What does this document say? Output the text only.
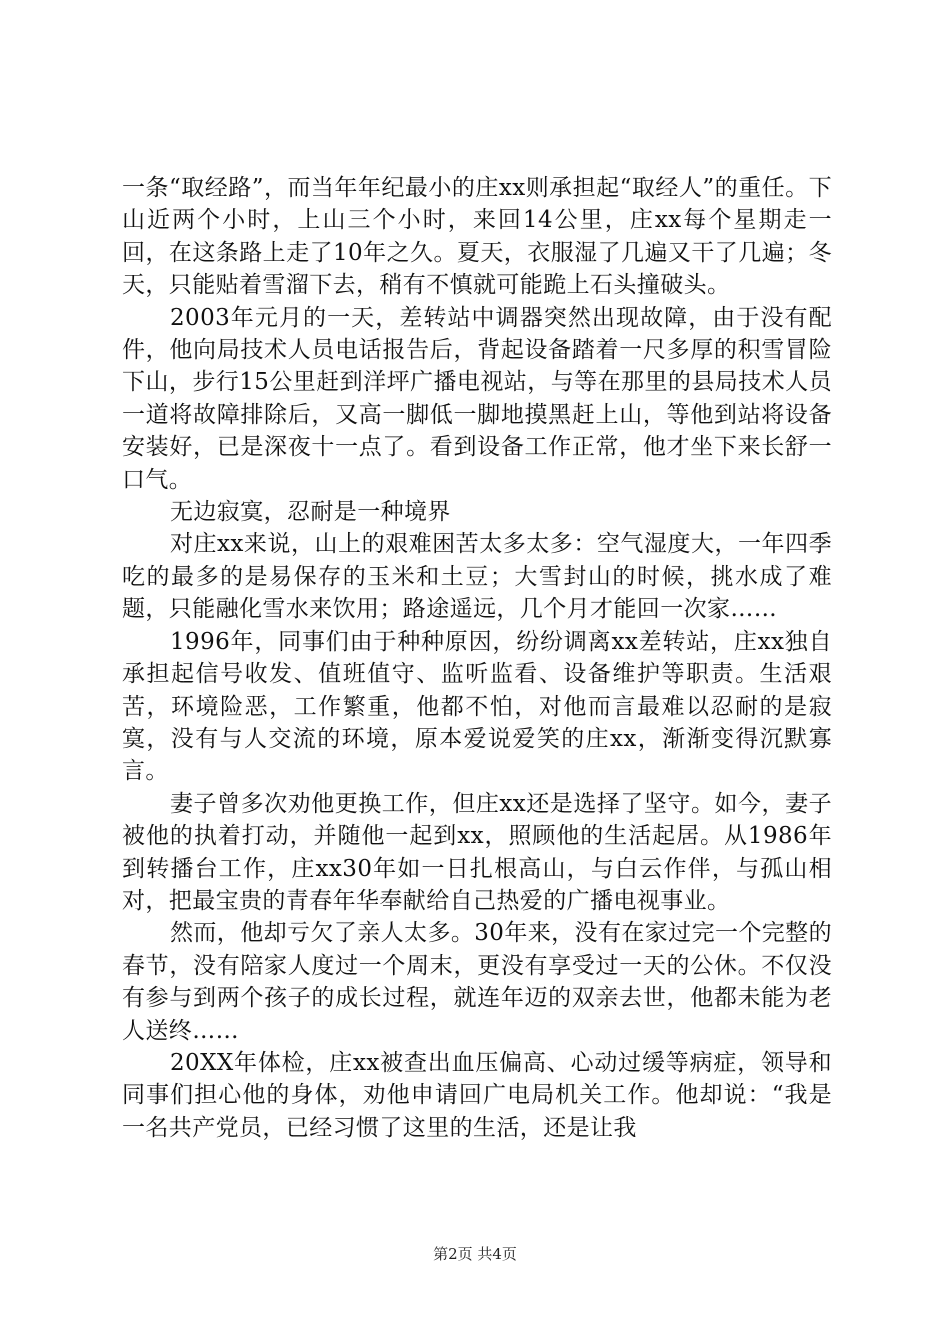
一条“取经路”，而当年年纪最小的庄xx则承担起“取经人”的重任。下山近两个小时，上山三个小时，来回14公里，庄xx每个星期走一回，在这条路上走了10年之久。夏天，衣服湿了几遍又干了几遍；冬天，只能贴着雪溜下去，稍有不慎就可能跪上石头撞破头。

2003年元月的一天，差转站中调器突然出现故障，由于没有配件，他向局技术人员电话报告后，背起设备踏着一尺多厚的积雪冒险下山，步行15公里赶到洋坪广播电视站，与等在那里的县局技术人员一道将故障排除后，又高一脚低一脚地摸黑赶上山，等他到站将设备安装好，已是深夜十一点了。看到设备工作正常，他才坐下来长舒一口气。

无边寂寞，忍耐是一种境界

对庄xx来说，山上的艰难困苦太多太多：空气湿度大，一年四季吃的最多的是易保存的玉米和土豆；大雪封山的时候，挑水成了难题，只能融化雪水来饮用；路途遥远，几个月才能回一次家……

1996年，同事们由于种种原因，纷纷调离xx差转站，庄xx独自承担起信号收发、值班值守、监听监看、设备维护等职责。生活艰苦，环境险恶，工作繁重，他都不怕，对他而言最难以忍耐的是寂寞，没有与人交流的环境，原本爱说爱笑的庄xx，渐渐变得沉默寡言。

妻子曾多次劝他更换工作，但庄xx还是选择了坚守。如今，妻子被他的执着打动，并随他一起到xx，照顾他的生活起居。从1986年到转播台工作，庄xx30年如一日扎根高山，与白云作伴，与孤山相对，把最宝贵的青春年华奉献给自己热爱的广播电视事业。

然而，他却亏欠了亲人太多。30年来，没有在家过完一个完整的春节，没有陪家人度过一个周末，更没有享受过一天的公休。不仅没有参与到两个孩子的成长过程，就连年迈的双亲去世，他都未能为老人送终……

20XX年体检，庄xx被查出血压偏高、心动过缓等病症，领导和同事们担心他的身体，劝他申请回广电局机关工作。他却说：“我是一名共产党员，已经习惯了这里的生活，还是让我

第2页 共4页
